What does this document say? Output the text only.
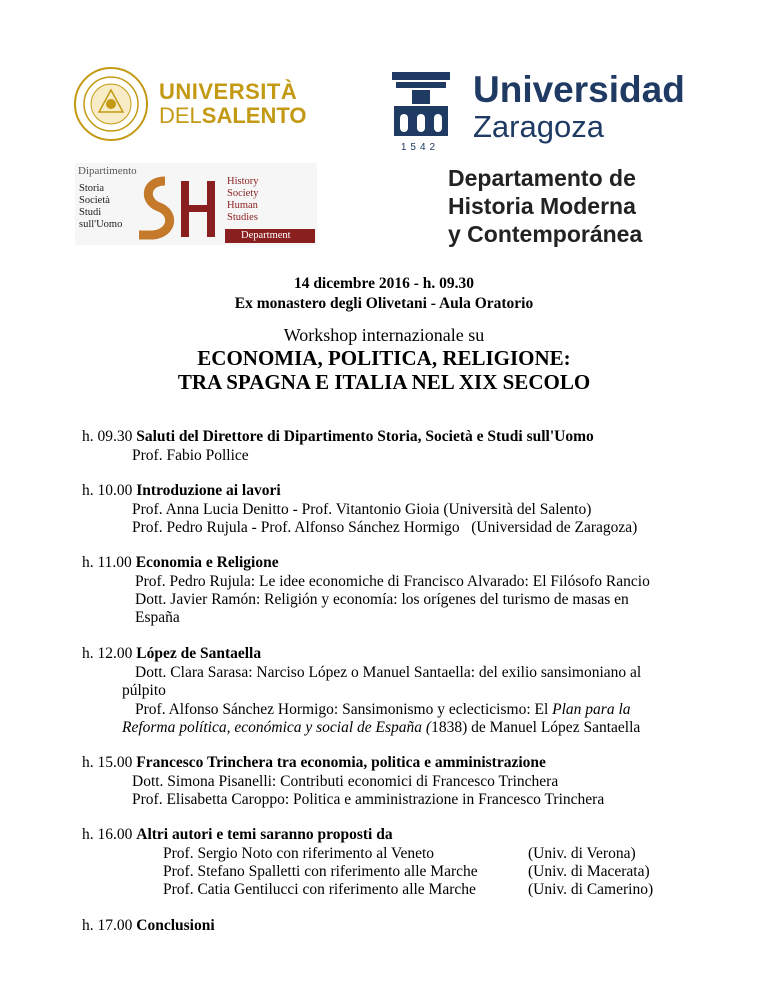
UNIVERSITÀ
DELSALENTO
1542
Universidad
Zaragoza
Dipartimento
Storia
Società
Studi
sull'Uomo
History
Society
Human
Studies
Department
Departamento de
Historia Moderna
y Contemporánea
14 dicembre 2016 - h. 09.30
Ex monastero degli Olivetani - Aula Oratorio
Workshop internazionale su
ECONOMIA, POLITICA, RELIGIONE:
TRA SPAGNA E ITALIA NEL XIX SECOLO
h. 09.30 Saluti del Direttore di Dipartimento Storia, Società e Studi sull'Uomo
Prof. Fabio Pollice
h. 10.00 Introduzione ai lavori
Prof. Anna Lucia Denitto - Prof. Vitantonio Gioia (Università del Salento)
Prof. Pedro Rujula - Prof. Alfonso Sánchez Hormigo   (Universidad de Zaragoza)
h. 11.00 Economia e Religione
Prof. Pedro Rujula: Le idee economiche di Francisco Alvarado: El Filósofo Rancio
Dott. Javier Ramón: Religión y economía: los orígenes del turismo de masas en
España
h. 12.00 López de Santaella
Dott. Clara Sarasa: Narciso López o Manuel Santaella: del exilio sansimoniano al
púlpito
Prof. Alfonso Sánchez Hormigo: Sansimonismo y eclecticismo: El Plan para la
Reforma política, económica y social de España (1838) de Manuel López Santaella
h. 15.00 Francesco Trinchera tra economia, politica e amministrazione
Dott. Simona Pisanelli: Contributi economici di Francesco Trinchera
Prof. Elisabetta Caroppo: Politica e amministrazione in Francesco Trinchera
h. 16.00 Altri autori e temi saranno proposti da
Prof. Sergio Noto con riferimento al Veneto	(Univ. di Verona)
Prof. Stefano Spalletti con riferimento alle Marche	(Univ. di Macerata)
Prof. Catia Gentilucci con riferimento alle Marche	(Univ. di Camerino)
h. 17.00 Conclusioni
